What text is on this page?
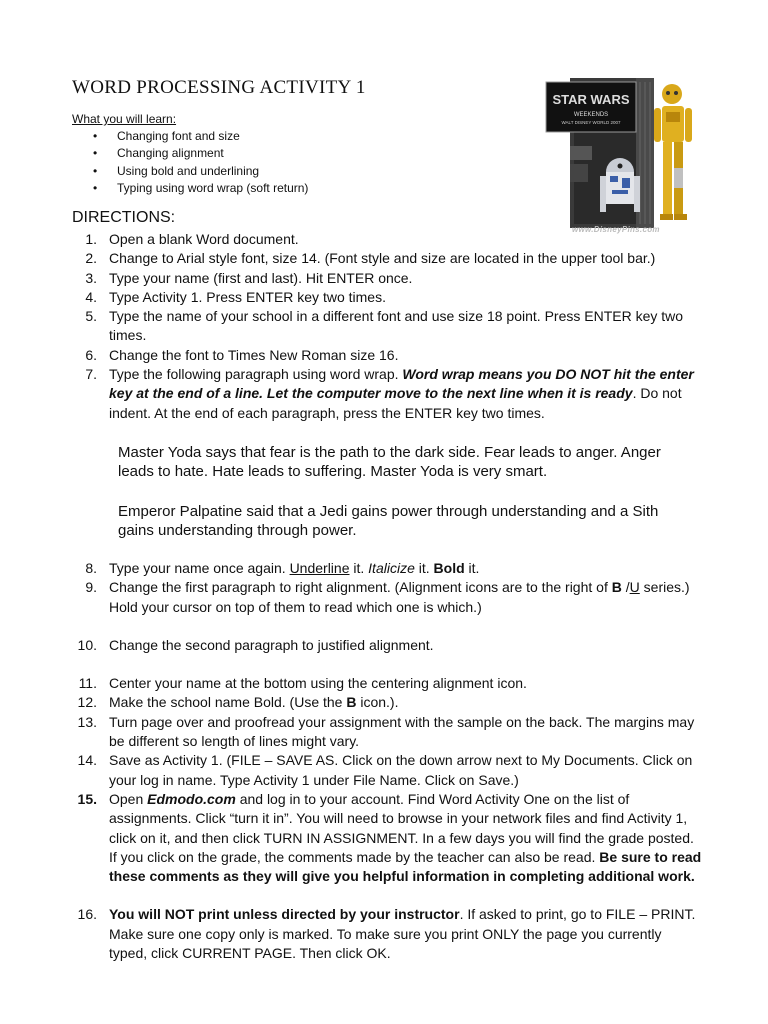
WORD PROCESSING ACTIVITY 1
What you will learn:
• Changing font and size
• Changing alignment
• Using bold and underlining
• Typing using word wrap (soft return)
STAR WARS
WEEKENDS
WALT DISNEY WORLD 2007
www.DisneyPins.com
DIRECTIONS:
1. Open a blank Word document.
2. Change to Arial style font, size 14. (Font style and size are located in the upper tool bar.)
3. Type your name (first and last). Hit ENTER once.
4. Type Activity 1. Press ENTER key two times.
5. Type the name of your school in a different font and use size 18 point. Press ENTER key two times.
6. Change the font to Times New Roman size 16.
7. Type the following paragraph using word wrap. Word wrap means you DO NOT hit the enter key at the end of a line. Let the computer move to the next line when it is ready. Do not indent. At the end of each paragraph, press the ENTER key two times.
Master Yoda says that fear is the path to the dark side. Fear leads to anger. Anger leads to hate. Hate leads to suffering. Master Yoda is very smart.
Emperor Palpatine said that a Jedi gains power through understanding and a Sith gains understanding through power.
8. Type your name once again. Underline it. Italicize it. Bold it.
9. Change the first paragraph to right alignment. (Alignment icons are to the right of B /U series.) Hold your cursor on top of them to read which one is which.)
10. Change the second paragraph to justified alignment.
11. Center your name at the bottom using the centering alignment icon.
12. Make the school name Bold. (Use the B icon.).
13. Turn page over and proofread your assignment with the sample on the back. The margins may be different so length of lines might vary.
14. Save as Activity 1. (FILE – SAVE AS. Click on the down arrow next to My Documents. Click on your log in name. Type Activity 1 under File Name. Click on Save.)
15. Open Edmodo.com and log in to your account. Find Word Activity One on the list of assignments. Click “turn it in”. You will need to browse in your network files and find Activity 1, click on it, and then click TURN IN ASSIGNMENT. In a few days you will find the grade posted. If you click on the grade, the comments made by the teacher can also be read. Be sure to read these comments as they will give you helpful information in completing additional work.
16. You will NOT print unless directed by your instructor. If asked to print, go to FILE – PRINT. Make sure one copy only is marked. To make sure you print ONLY the page you currently typed, click CURRENT PAGE. Then click OK.
